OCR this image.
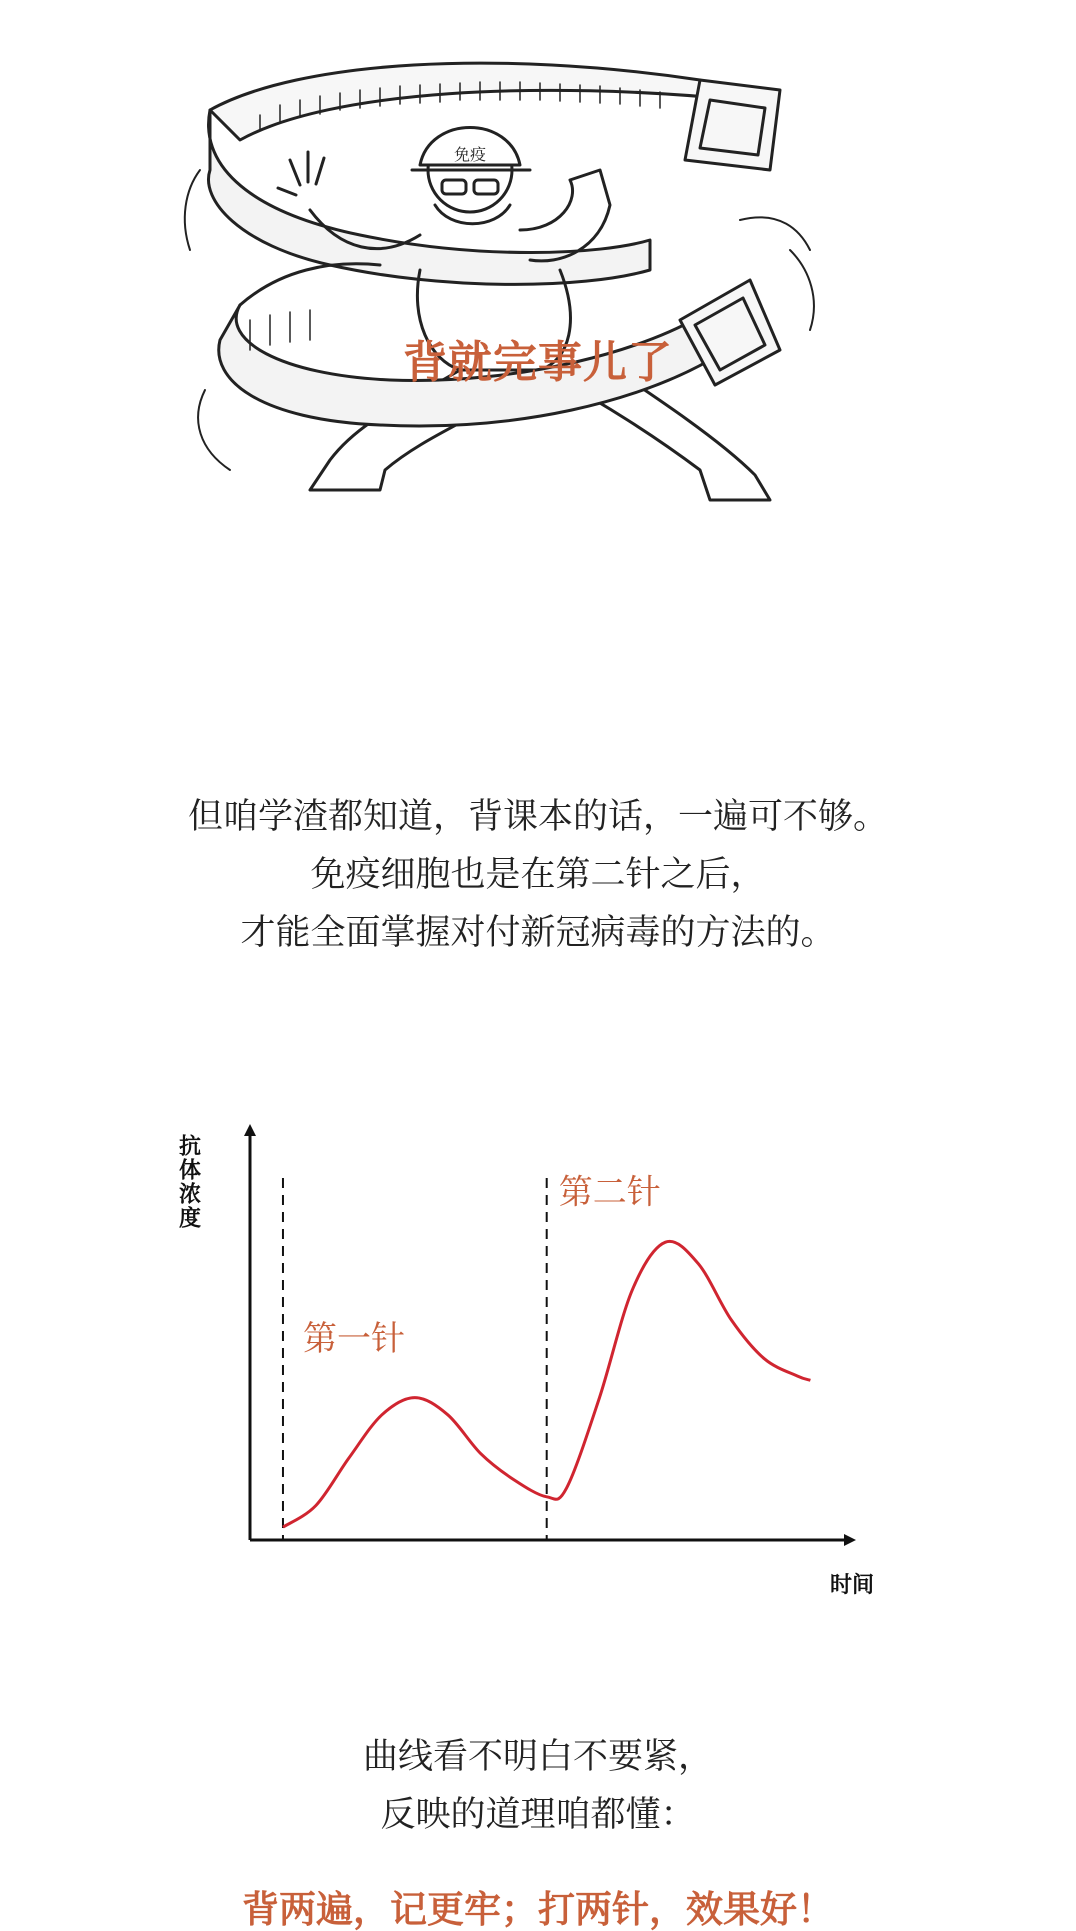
免疫
背就完事儿了
但咱学渣都知道，背课本的话，一遍可不够。
免疫细胞也是在第二针之后，
才能全面掌握对付新冠病毒的方法的。
抗体浓度
时间
第一针
第二针
曲线看不明白不要紧，
反映的道理咱都懂：
背两遍，记更牢；打两针，效果好！
